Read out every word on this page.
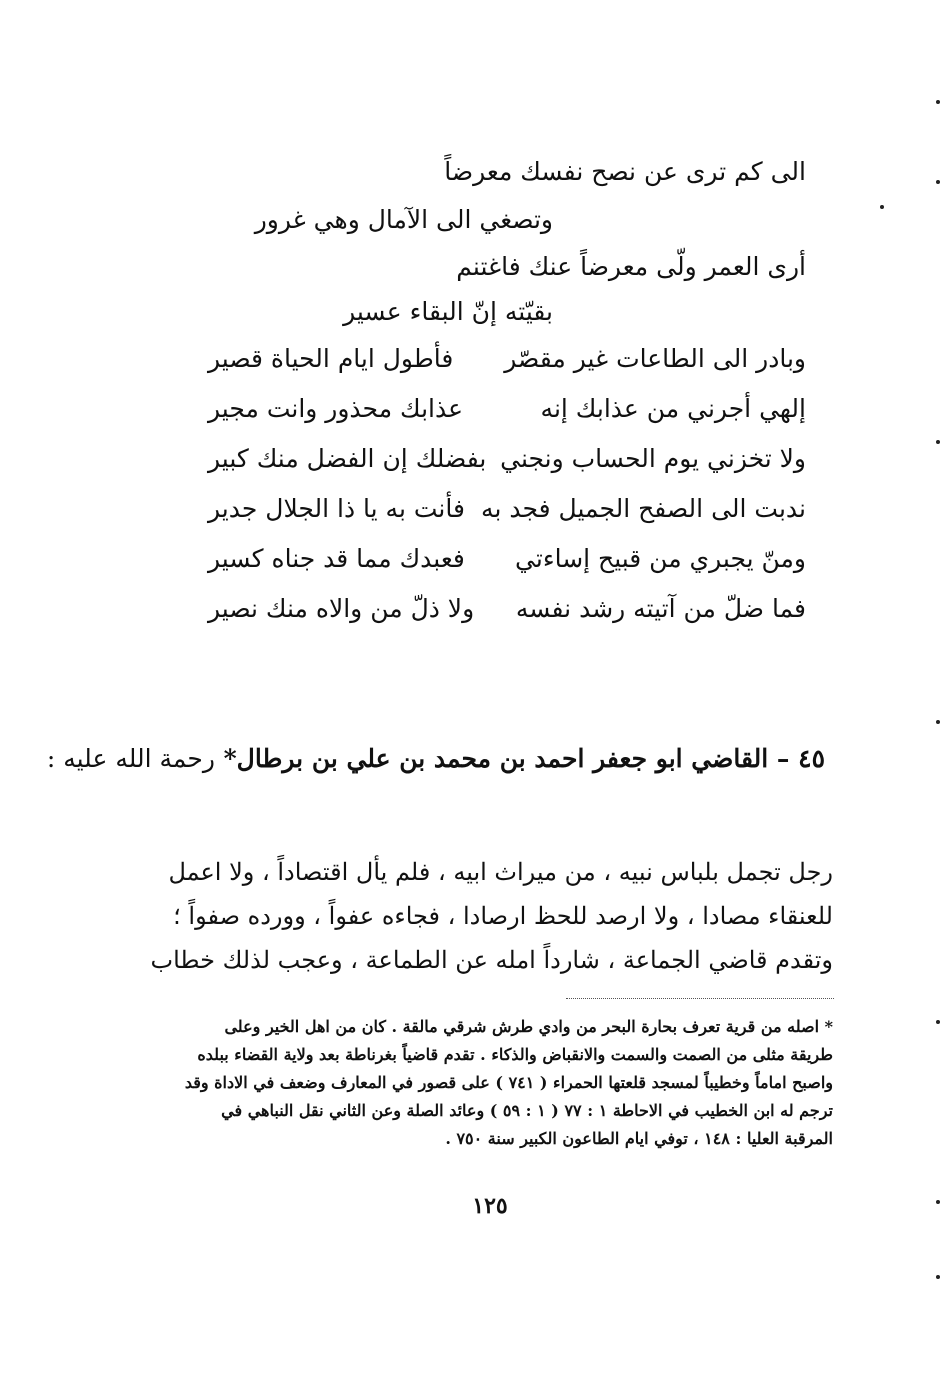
الى كم ترى عن نصح نفسك معرضاً
وتصغي الى الآمال وهي غرور
أرى العمر ولّى معرضاً عنك فاغتنم
بقيّته إنّ البقاء عسير
وبادر الى الطاعات غير مقصّر
فأطول ايام الحياة قصير
إلهي أجرني من عذابك إنه
عذابك محذور وانت مجير
ولا تخزني يوم الحساب ونجني
بفضلك إن الفضل منك كبير
ندبت الى الصفح الجميل فجد به
فأنت به يا ذا الجلال جدير
ومنّ يجبري من قبيح إساءتي
فعبدك مما قد جناه كسير
فما ضلّ من آتيته رشد نفسه
ولا ذلّ من والاه منك نصير
٤٥ – القاضي ابو جعفر احمد بن محمد بن علي بن برطال* رحمة الله عليه :

رجل تجمل بلباس نبيه ، من ميراث ابيه ، فلم يأل اقتصاداً ، ولا اعمل

للعنقاء مصادا ، ولا ارصد للحظ ارصادا ، فجاءه عفواً ، وورده صفواً ؛

وتقدم قاضي الجماعة ، شارداً امله عن الطماعة ، وعجب لذلك خطاب

* اصله من قرية تعرف بحارة البحر من وادي طرش شرقي مالقة . كان من اهل الخير وعلى

طريقة مثلى من الصمت والسمت والانقباض والذكاء . تقدم قاضياً بغرناطة بعد ولاية القضاء ببلده

واصبح اماماً وخطيباً لمسجد قلعتها الحمراء ( ٧٤١ ) على قصور في المعارف وضعف في الاداة وقد

ترجم له ابن الخطيب في الاحاطة ١ : ٧٧ ( ١ : ٥٩ ) وعائد الصلة وعن الثاني نقل النباهي في

المرقبة العليا : ١٤٨ ، توفي ايام الطاعون الكبير سنة ٧٥٠ .

١٢٥
